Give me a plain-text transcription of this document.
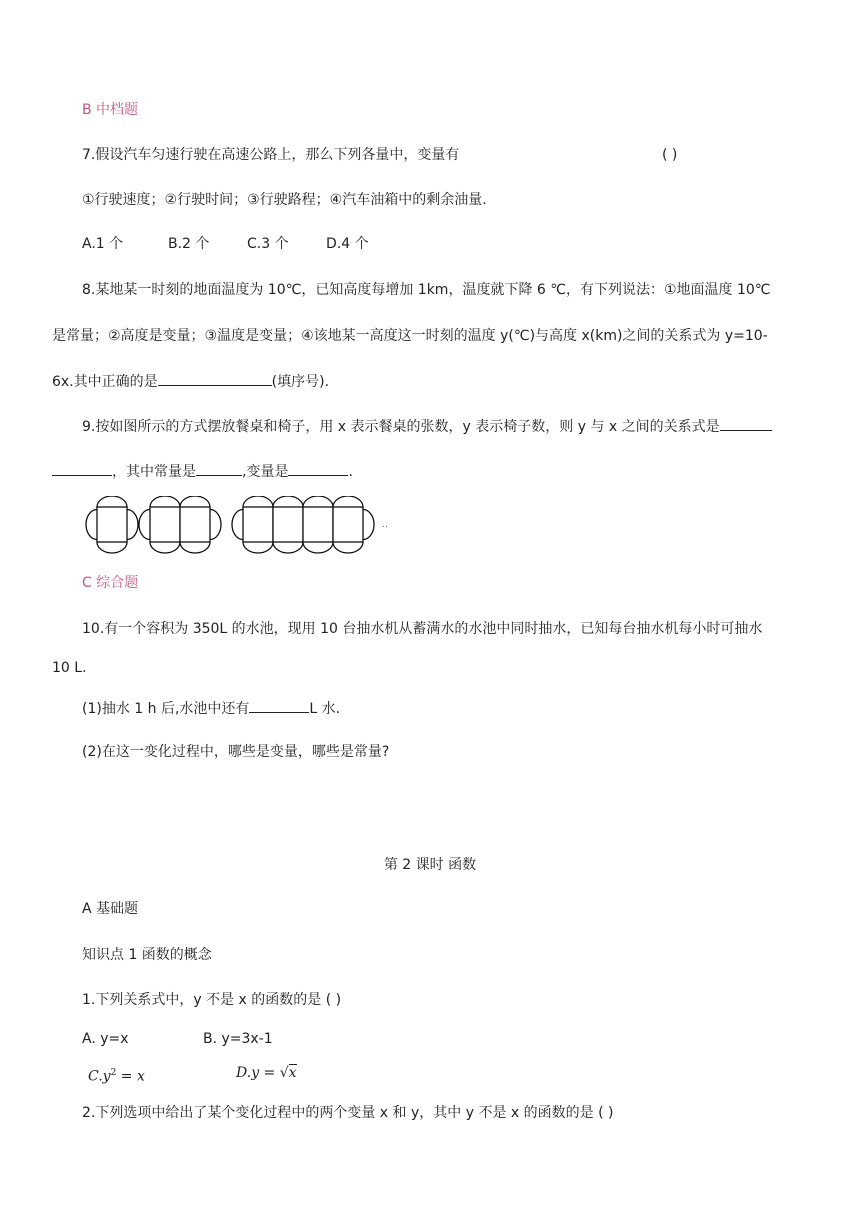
B 中档题
7.假设汽车匀速行驶在高速公路上，那么下列各量中，变量有	( )
①行驶速度；②行驶时间；③行驶路程；④汽车油箱中的剩余油量.
A.1 个	B.2 个	C.3 个	D.4 个
8.某地某一时刻的地面温度为 10℃，已知高度每增加 1km，温度就下降 6 ℃，有下列说法：①地面温度 10℃
是常量；②高度是变量；③温度是变量；④该地某一高度这一时刻的温度 y(℃)与高度 x(km)之间的关系式为 y=10-
6x.其中正确的是	(填序号).
9.按如图所示的方式摆放餐桌和椅子，用 x 表示餐桌的张数，y 表示椅子数，则 y 与 x 之间的关系式是
，其中常量是	,变量是	.
‥
C 综合题
10.有一个容积为 350L 的水池，现用 10 台抽水机从蓄满水的水池中同时抽水，已知每台抽水机每小时可抽水
10 L.
(1)抽水 1 h 后,水池中还有	L 水.
(2)在这一变化过程中，哪些是变量，哪些是常量?
第 2 课时 函数
A 基础题
知识点 1 函数的概念
1.下列关系式中，y 不是 x 的函数的是 ( )
A. y=x	B. y=3x-1
$C.y^2 = x$	D.y = √x
2.下列选项中给出了某个变化过程中的两个变量 x 和 y，其中 y 不是 x 的函数的是 ( )
